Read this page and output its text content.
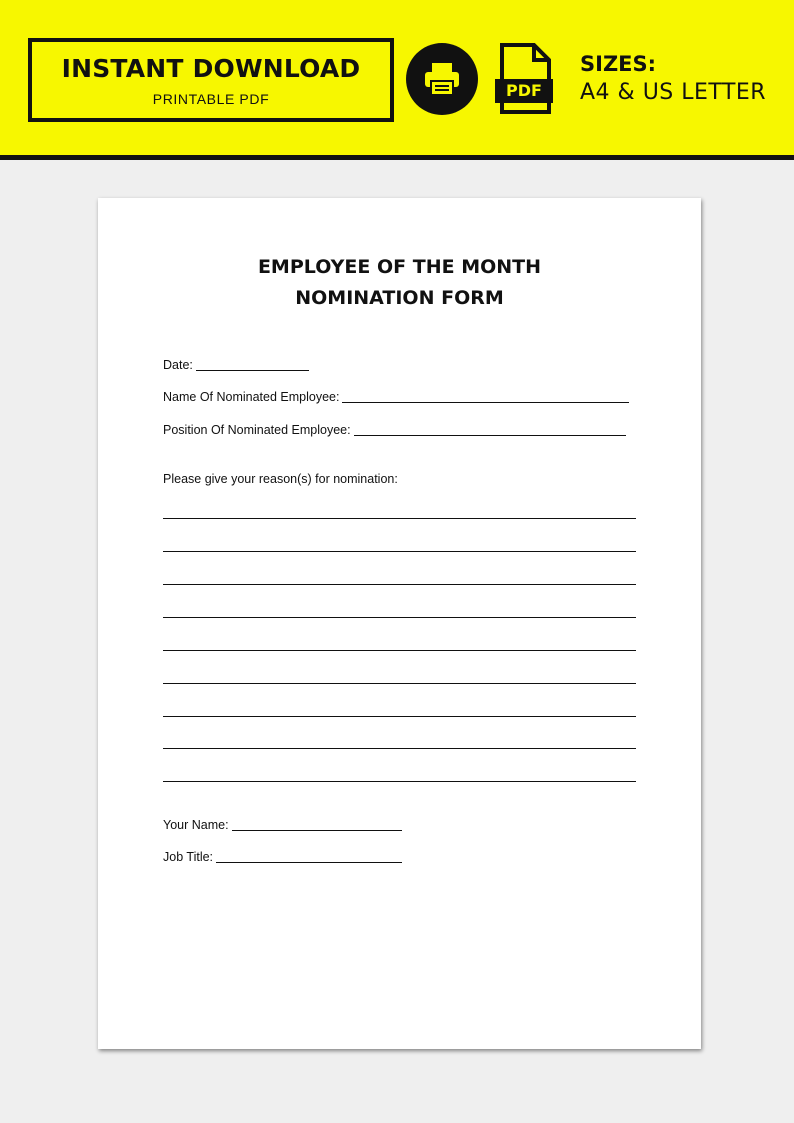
INSTANT DOWNLOAD
PRINTABLE PDF	PDF
SIZES:
A4 & US LETTER
EMPLOYEE OF THE MONTH
NOMINATION FORM
Date:
Name Of Nominated Employee:
Position Of Nominated Employee:
Please give your reason(s) for nomination:
Your Name:
Job Title:
